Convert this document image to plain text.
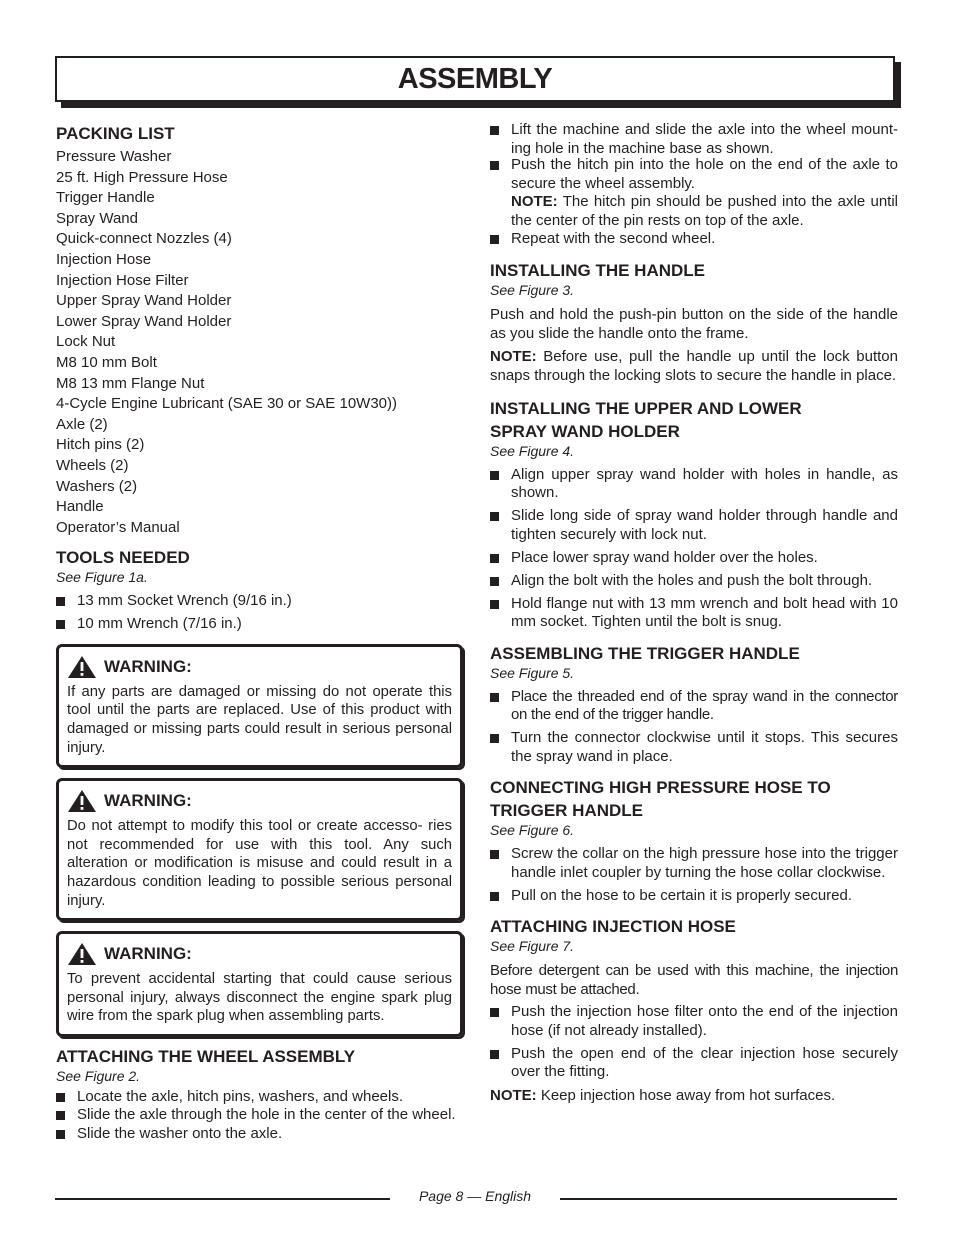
ASSEMBLY
PACKING LIST
Pressure Washer
25 ft. High Pressure Hose
Trigger Handle
Spray Wand
Quick-connect Nozzles (4)
Injection Hose
Injection Hose Filter
Upper Spray Wand Holder
Lower Spray Wand Holder
Lock Nut
M8 10 mm Bolt
M8 13 mm Flange Nut
4-Cycle Engine Lubricant (SAE 30 or SAE 10W30))
Axle (2)
Hitch pins (2)
Wheels (2)
Washers (2)
Handle
Operator’s Manual
TOOLS NEEDED
See Figure 1a.
13 mm Socket Wrench (9/16 in.)
10 mm Wrench (7/16 in.)
WARNING:
If any parts are damaged or missing do not operate this tool until the parts are replaced. Use of this product with damaged or missing parts could result in serious personal injury.
WARNING:
Do not attempt to modify this tool or create accesso- ries not recommended for use with this tool. Any such alteration or modification is misuse and could result in a hazardous condition leading to possible serious personal injury.
WARNING:
To prevent accidental starting that could cause serious personal injury, always disconnect the engine spark plug wire from the spark plug when assembling parts.
ATTACHING THE WHEEL ASSEMBLY
See Figure 2.
Locate the axle, hitch pins, washers, and wheels.
Slide the axle through the hole in the center of the wheel.
Slide the washer onto the axle.
Lift the machine and slide the axle into the wheel mount- ing hole in the machine base as shown.
Push the hitch pin into the hole on the end of the axle to secure the wheel assembly.
NOTE: The hitch pin should be pushed into the axle until the center of the pin rests on top of the axle.
Repeat with the second wheel.
INSTALLING THE HANDLE
See Figure 3.

Push and hold the push-pin button on the side of the handle as you slide the handle onto the frame.

NOTE: Before use, pull the handle up until the lock button snaps through the locking slots to secure the handle in place.

INSTALLING THE UPPER AND LOWER
SPRAY WAND HOLDER
See Figure 4.
Align upper spray wand holder with holes in handle, as shown.
Slide long side of spray wand holder through handle and tighten securely with lock nut.
Place lower spray wand holder over the holes.
Align the bolt with the holes and push the bolt through.
Hold flange nut with 13 mm wrench and bolt head with 10 mm socket. Tighten until the bolt is snug.
ASSEMBLING THE TRIGGER HANDLE
See Figure 5.
Place the threaded end of the spray wand in the connector on the end of the trigger handle.
Turn the connector clockwise until it stops. This secures the spray wand in place.
CONNECTING HIGH PRESSURE HOSE TO
TRIGGER HANDLE
See Figure 6.
Screw the collar on the high pressure hose into the trigger handle inlet coupler by turning the hose collar clockwise.
Pull on the hose to be certain it is properly secured.
ATTACHING INJECTION HOSE
See Figure 7.

Before detergent can be used with this machine, the injection hose must be attached.

Push the injection hose filter onto the end of the injection hose (if not already installed).
Push the open end of the clear injection hose securely over the fitting.

NOTE: Keep injection hose away from hot surfaces.

Page 8 — English
